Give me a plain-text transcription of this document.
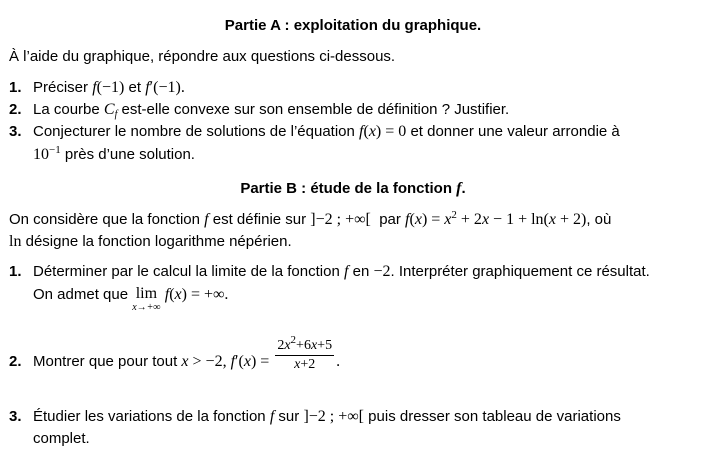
Partie A : exploitation du graphique.
À l’aide du graphique, répondre aux questions ci-dessous.
1. Préciser f(−1) et f′(−1).
2. La courbe $C_f$ est-elle convexe sur son ensemble de définition ? Justifier.
3. Conjecturer le nombre de solutions de l’équation f(x) = 0 et donner une valeur arrondie à
$10^{-1}$ près d’une solution.
Partie B : étude de la fonction f.
On considère que la fonction f est définie sur ]−2 ; +∞[  par $f(x) = x^2 + 2x - 1 + \ln(x + 2)$, où
ln désigne la fonction logarithme népérien.
1. Déterminer par le calcul la limite de la fonction f en −2. Interpréter graphiquement ce résultat.
On admet que lim
x→+∞
f(x) = +∞.
2. Montrer que pour tout x > −2, $f'(x) = \frac{2x^2+6x+5}{x+2}$ .
3. Étudier les variations de la fonction f sur ]−2 ; +∞[ puis dresser son tableau de variations
complet.
